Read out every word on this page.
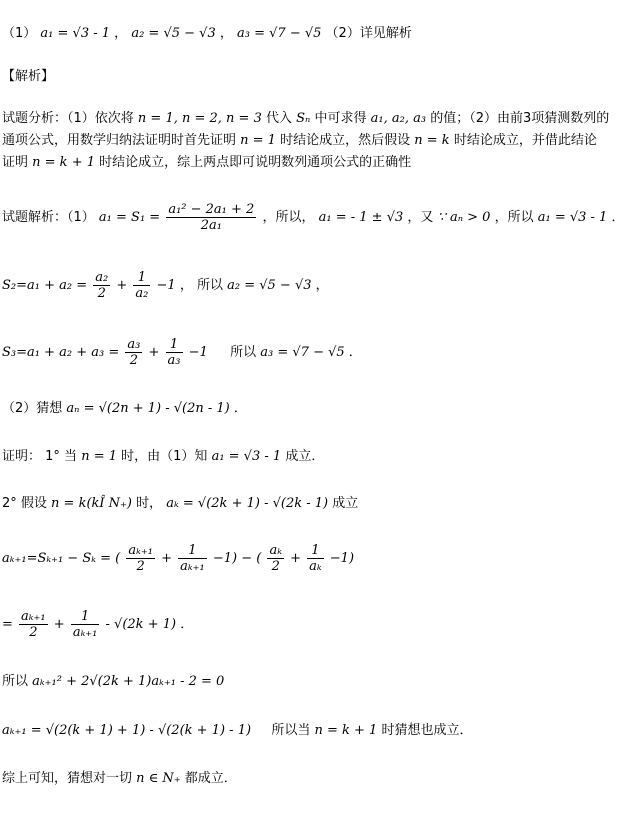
（1） a₁ = √3 - 1 ， a₂ = √5 − √3 ， a₃ = √7 − √5 （2）详见解析
【解析】
试题分析：（1）依次将 n = 1, n = 2, n = 3 代入 Sₙ 中可求得 a₁, a₂, a₃ 的值；（2）由前3项猜测数列的
通项公式，用数学归纳法证明时首先证明 n = 1 时结论成立，然后假设 n = k 时结论成立，并借此结论
证明 n = k + 1 时结论成立，综上两点即可说明数列通项公式的正确性
试题解析：（1） $a_1 = S_1 = \frac{\text{a₁² − 2a₁ + 2}}{\text{2a₁}}$ ，所以， a₁ = - 1 ± √3 ，又 ∵ aₙ > 0 ，所以 a₁ = √3 - 1 ．
$S_2=a_1 + a_2 = \frac{\text{a₂}}{2} + \frac{1}{\text{a₂}} -1$ ， 所以 a₂ = √5 − √3 ，
$S_3=a_1 + a_2 + a_3 = \frac{\text{a₃}}{2} + \frac{1}{\text{a₃}} -1$ 所以 a₃ = √7 − √5 ．
（2）猜想 aₙ = √(2n + 1) - √(2n - 1) ．
证明： 1° 当 n = 1 时，由（1）知 a₁ = √3 - 1 成立．
2° 假设 n = k(kÎ N₊) 时， aₖ = √(2k + 1) - √(2k - 1) 成立
aₖ₊₁=Sₖ₊₁ − Sₖ = ( $\frac{\text{aₖ₊₁}}{2} + \frac{1}{\text{aₖ₊₁}} -1$) − ( $\frac{\text{aₖ}}{2} + \frac{1}{\text{aₖ}} -1$)
= $\frac{\text{aₖ₊₁}}{2} + \frac{1}{\text{aₖ₊₁}} - √(2k + 1)$ ．
所以 aₖ₊₁² + 2√(2k + 1)aₖ₊₁ - 2 = 0
aₖ₊₁ = √(2(k + 1) + 1) - √(2(k + 1) - 1) 所以当 n = k + 1 时猜想也成立．
综上可知，猜想对一切 n ∈ N₊ 都成立．
